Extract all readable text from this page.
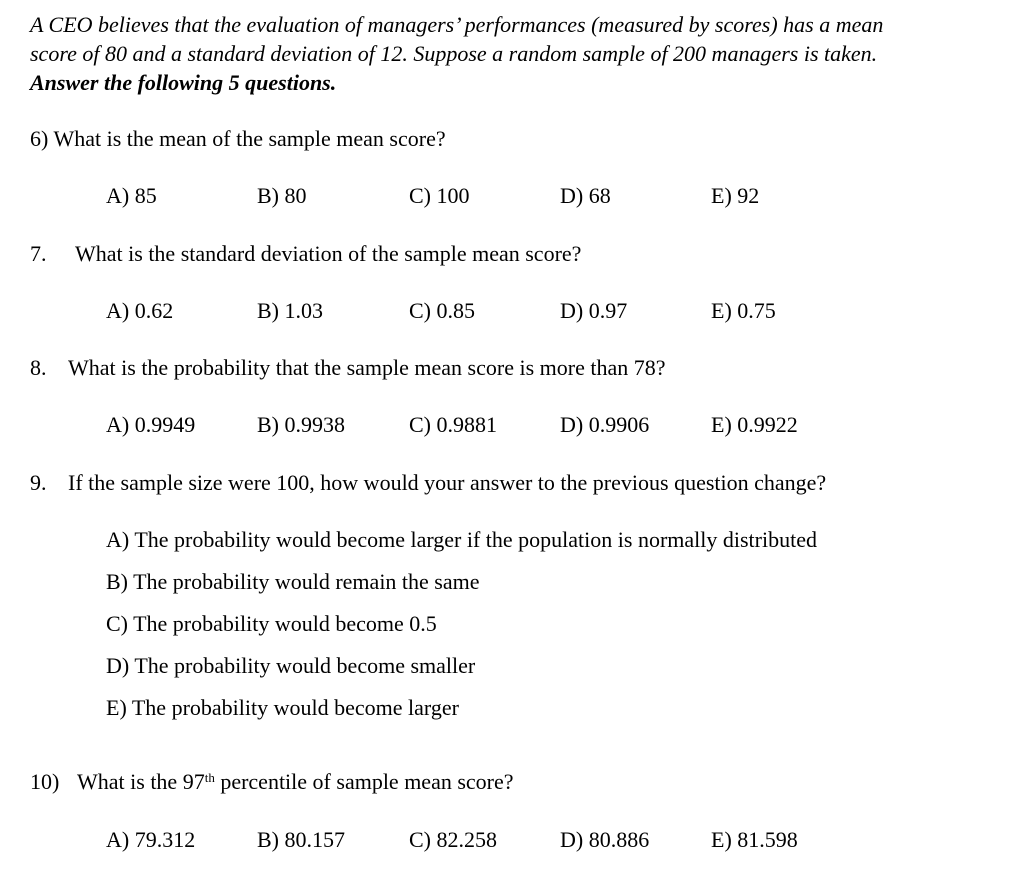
A CEO believes that the evaluation of managers’ performances (measured by scores) has a mean
score of 80 and a standard deviation of 12. Suppose a random sample of 200 managers is taken.
Answer the following 5 questions.
6) What is the mean of the sample mean score?
A) 85	B) 80	C) 100	D) 68	E) 92
7. What is the standard deviation of the sample mean score?
A) 0.62	B) 1.03	C) 0.85	D) 0.97	E) 0.75
8. What is the probability that the sample mean score is more than 78?
A) 0.9949	B) 0.9938	C) 0.9881	D) 0.9906	E) 0.9922
9. If the sample size were 100, how would your answer to the previous question change?
A) The probability would become larger if the population is normally distributed
B) The probability would remain the same
C) The probability would become 0.5
D) The probability would become smaller
E) The probability would become larger
10) What is the 97th percentile of sample mean score?
A) 79.312	B) 80.157	C) 82.258	D) 80.886	E) 81.598
